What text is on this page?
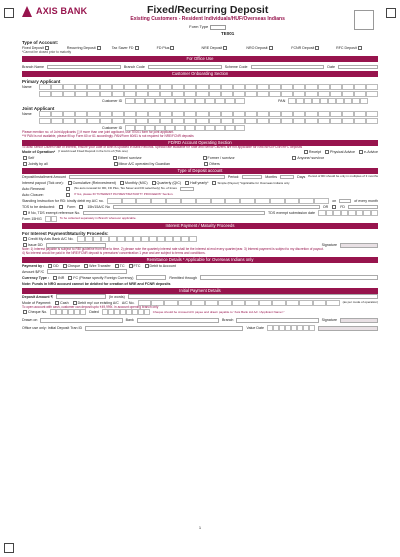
AXIS BANK	Fixed/Recurring Deposit
Existing Customers - Resident Individuals/HUF/Overseas Indians
Form Type
TE001
Type of Account:
Fixed Deposit	Recurring Deposit	Tax Saver FD	FD Plus	NRE Deposit	NRO Deposit	FCNR Deposit	RFC Deposit
*Cannot be closed prior to maturity
For Office Use
Branch Name	Branch Code	Scheme Code	Date
Customer Onboarding Section
Primary Applicant
Name
Customer ID	PAN
Joint Applicant
Name
Customer ID
Please mention no. of Joint Applicants [ ] if more than one joint applicant, use TE001 form for joint applicant.
**If PAN is not available, please fill up Form 60 or 61 accordingly. PAN/Form 60/61 is not required for NRE/FCNR deposits
FD/RD Account Operating Section
To avail Senior Citizen Rate of Interest, ensure your Date of Birth is updated in Bank Records. Special rate available for Staff and Senior Citizens are not applicable for NRE/NRO/FCNR/RFC deposits
Mode of Operation* (I would need Fixed Deposit in the form of (Tick one)	Receipt	Physical Advice	e-Advice
Self	Either/ survivor	Former / survivor	Anyone/ survivor
Jointly by all	Minor A/C operated by Guardian	Others
Type of Deposit account
Deposit/Installment Amount	Period:	Months	Days Period of RD should be only in multiples of 3 months
Interest payout (Tick one):	Cumulative (Reinvestment)	Monthly (MIC)	Quarterly (QIC)	Half yearly*	Simple (Payout) *Applicable for Overseas Indians only
Auto Renewal:	(No auto renewal for RD, FD Plus, Tax Saver and FD selectively) No. of times
Auto Closure:	If Yes, please fill "INTEREST PAYMENT/MATURITY PROCEEDS" Section.
Standing Instruction for RD: kindly debit my A/C no.	on	of every month
TDS to be deducted:	Form	15h/15A/C No	OR	FD
If No, TDS exempt reference No.	TDS exempt submission date
Form 15H/G	To be collected separately in Branch wherever applicable.
Interest Payment / Maturity Proceeds
For Interest Payment/Maturity Proceeds:
Credit My Axis Bank A/C No.
Issue DD	Signature
Note: 1) Interest payable is subject to RBI guideline from time to time. 2) please note the quarterly interest rate shall be the interest at end every quarter/year. 3) Interest payment is subject to my discretion of payout.
4) No interest would be paid in the NRE/FCNR deposit is premature/ concentration 1 year and are subject to terms and conditions.
Remittance Details * Applicable for Overseas Indians only
Payment by :	DD	Cheque	Wire Transfer	TC	FTC	Debit to Account
Amount $/F/C
Currency Type :	INR	FC (Please specify Foreign Currency)	Remitted through
Note: Funds in NRO account cannot be debited for creation of NRE and FCNR deposits
Initial Payment Details
Deposit Amount ₹	(In words)
Mode of Payment:	Cash	Debit my/ our existing A/C A/C No.	(as per mode of operation)
To open account with cash, customer can deposit upto ₹49,999/- in account opening branch only
Cheque No.	Dated	Cheque should be crossed A/C payee and drawn payable to "Axis Bank Ltd A/c <Applicant Name>"
Drawn on	Bank	Branch	Signature
Office use only: Initial Deposit Tran ID	Value Date
1
